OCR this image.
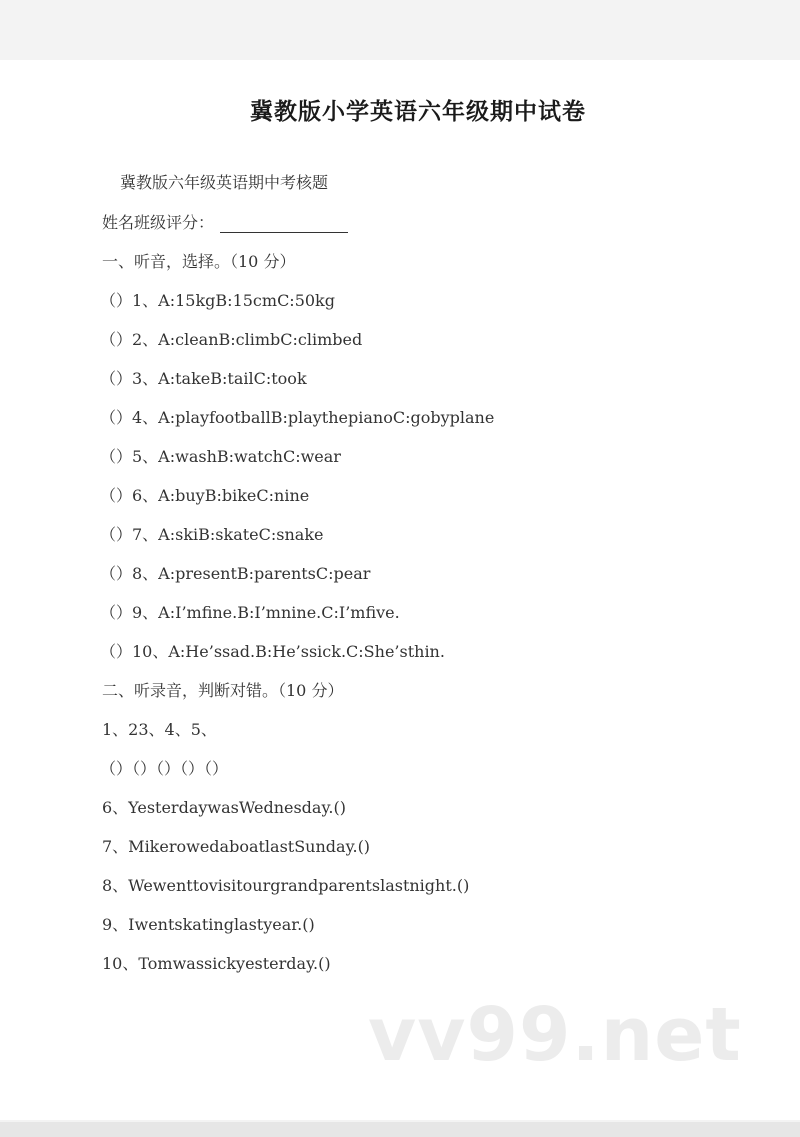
冀教版小学英语六年级期中试卷
冀教版六年级英语期中考核题
姓名班级评分：
一、听音，选择。（10 分）
（）1、A:15kgB:15cmC:50kg
（）2、A:cleanB:climbC:climbed
（）3、A:takeB:tailC:took
（）4、A:playfootballB:playthepianoC:gobyplane
（）5、A:washB:watchC:wear
（）6、A:buyB:bikeC:nine
（）7、A:skiB:skateC:snake
（）8、A:presentB:parentsC:pear
（）9、A:I’mfine.B:I’mnine.C:I’mfive.
（）10、A:He’ssad.B:He’ssick.C:She’sthin.
二、听录音，判断对错。（10 分）
1、23、4、5、
（）（）（）（）（）
6、YesterdaywasWednesday.()
7、MikerowedaboatlastSunday.()
8、Wewenttovisitourgrandparentslastnight.()
9、Iwentskatinglastyear.()
10、Tomwassickyesterday.()
vv99.net
